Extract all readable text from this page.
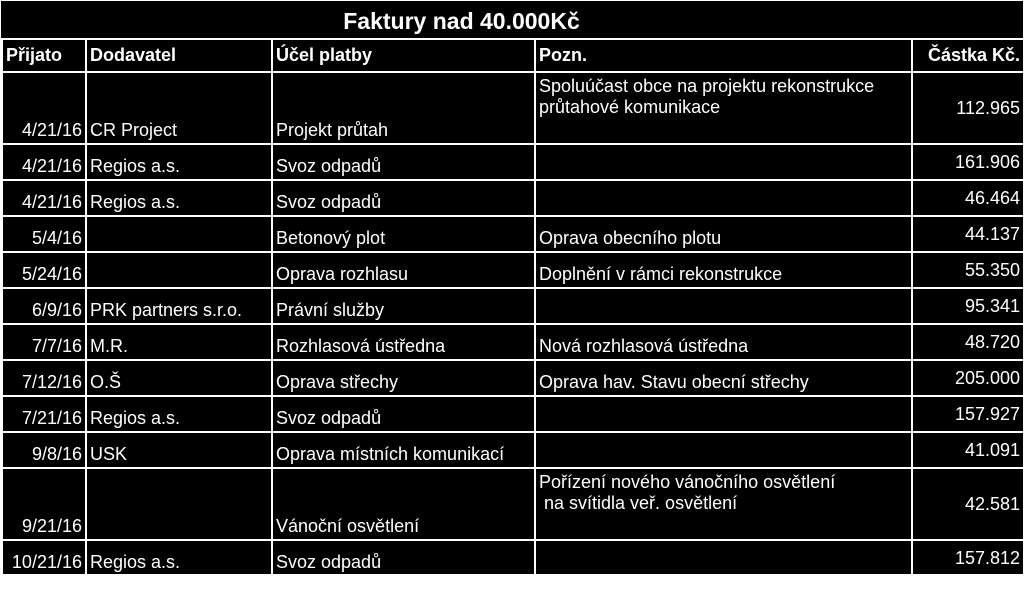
	Faktury nad 40.000Kč			
Přijato	Dodavatel	Účel platby	Pozn.	Částka Kč.
4/21/16	CR Project	Projekt průtah	Spoluúčast obce na projektu rekonstrukce
průtahové komunikace	112.965
4/21/16	Regios a.s.	Svoz odpadů		161.906
4/21/16	Regios a.s.	Svoz odpadů		46.464
5/4/16		Betonový plot	Oprava obecního plotu	44.137
5/24/16		Oprava rozhlasu	Doplnění v rámci rekonstrukce	55.350
6/9/16	PRK partners s.r.o.	Právní služby		95.341
7/7/16	M.R.	Rozhlasová ústředna	Nová rozhlasová ústředna	48.720
7/12/16	O.Š	Oprava střechy	Oprava hav. Stavu obecní střechy	205.000
7/21/16	Regios a.s.	Svoz odpadů		157.927
9/8/16	USK	Oprava místních komunikací		41.091
9/21/16		Vánoční osvětlení	Pořízení nového vánočního osvětlení
na svítidla veř. osvětlení	42.581
10/21/16	Regios a.s.	Svoz odpadů		157.812
11/23/16	PRK partners s.r.o.	Právní služby		56.265
